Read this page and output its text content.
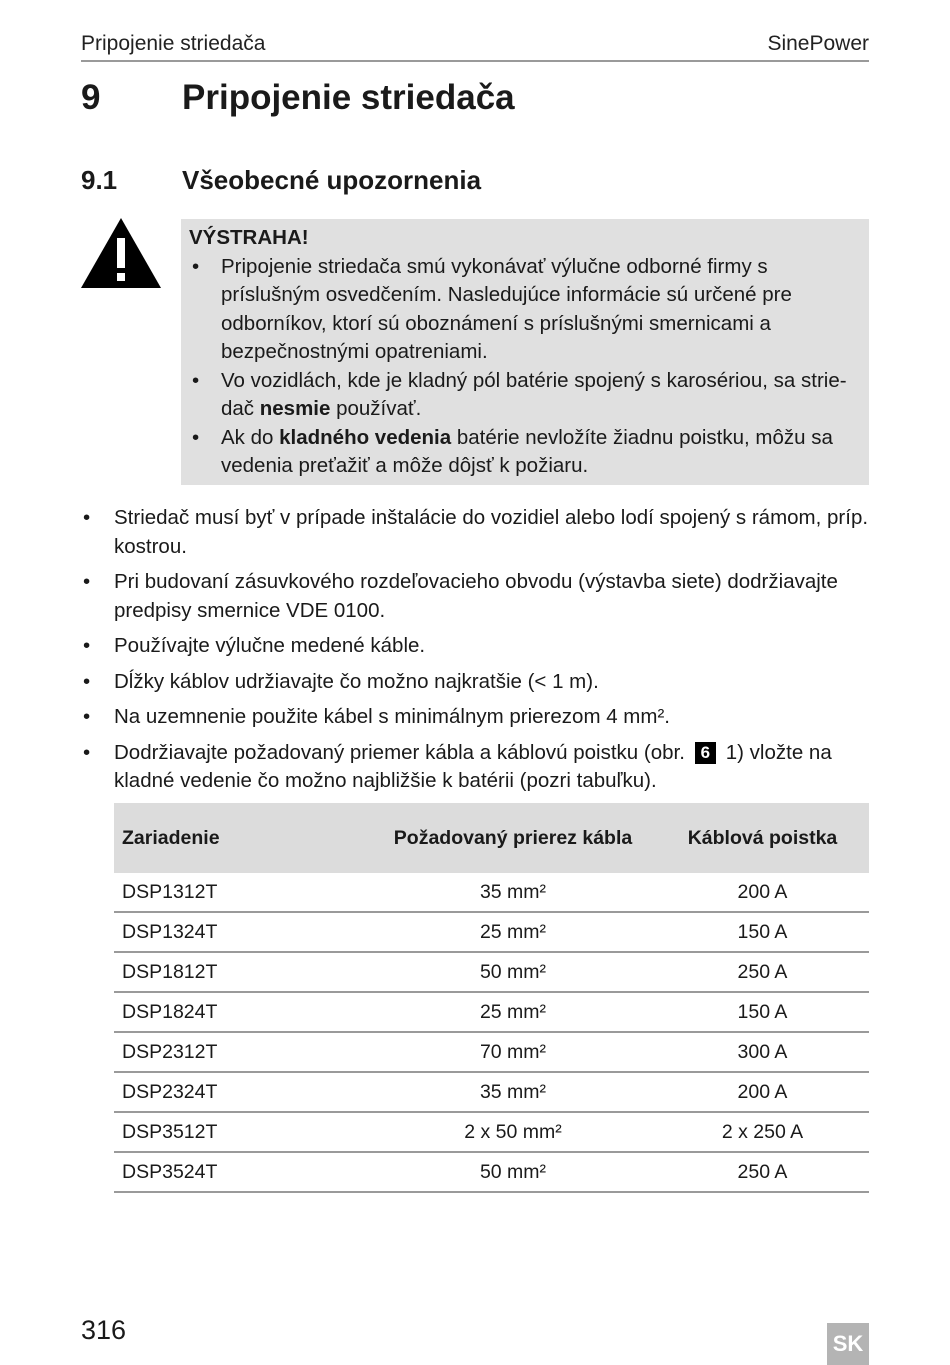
Pripojenie striedača	SinePower
9 Pripojenie striedača
9.1 Všeobecné upozornenia
VÝSTRAHA!
• Pripojenie striedača smú vykonávať výlučne odborné firmy s príslušným osvedčením. Nasledujúce informácie sú určené pre odborníkov, ktorí sú oboznámení s príslušnými smernicami a bezpečnostnými opatreniami.
• Vo vozidlách, kde je kladný pól batérie spojený s karosériou, sa strie-dač nesmie používať.
• Ak do kladného vedenia batérie nevložíte žiadnu poistku, môžu sa vedenia preťažiť a môže dôjsť k požiaru.
• Striedač musí byť v prípade inštalácie do vozidiel alebo lodí spojený s rámom, príp. kostrou.
• Pri budovaní zásuvkového rozdeľovacieho obvodu (výstavba siete) dodržiavajte predpisy smernice VDE 0100.
• Používajte výlučne medené káble.
• Dĺžky káblov udržiavajte čo možno najkratšie (< 1 m).
• Na uzemnenie použite kábel s minimálnym prierezom 4 mm².
• Dodržiavajte požadovaný priemer kábla a káblovú poistku (obr. 6 1) vložte na kladné vedenie čo možno najbližšie k batérii (pozri tabuľku).
Zariadenie	Požadovaný prierez kábla	Káblová poistka
DSP1312T	35 mm²	200 A
DSP1324T	25 mm²	150 A
DSP1812T	50 mm²	250 A
DSP1824T	25 mm²	150 A
DSP2312T	70 mm²	300 A
DSP2324T	35 mm²	200 A
DSP3512T	2 x 50 mm²	2 x 250 A
DSP3524T	50 mm²	250 A
316	SK
